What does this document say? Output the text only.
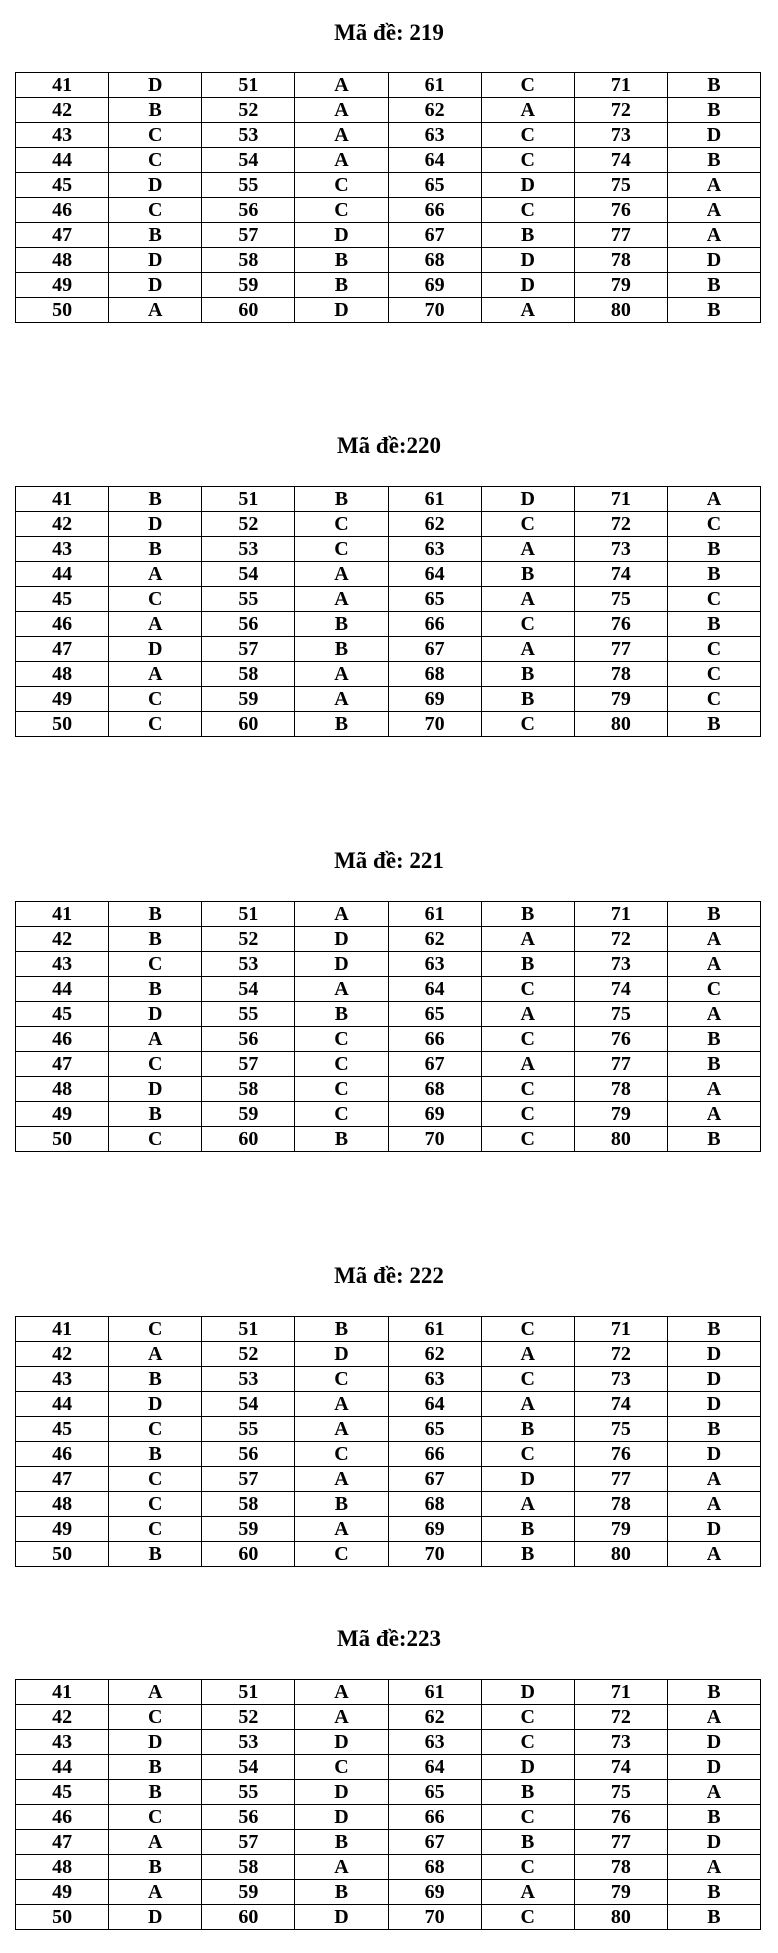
Mã đề: 219
41	D	51	A	61	C	71	B
42	B	52	A	62	A	72	B
43	C	53	A	63	C	73	D
44	C	54	A	64	C	74	B
45	D	55	C	65	D	75	A
46	C	56	C	66	C	76	A
47	B	57	D	67	B	77	A
48	D	58	B	68	D	78	D
49	D	59	B	69	D	79	B
50	A	60	D	70	A	80	B
Mã đề:220
41	B	51	B	61	D	71	A
42	D	52	C	62	C	72	C
43	B	53	C	63	A	73	B
44	A	54	A	64	B	74	B
45	C	55	A	65	A	75	C
46	A	56	B	66	C	76	B
47	D	57	B	67	A	77	C
48	A	58	A	68	B	78	C
49	C	59	A	69	B	79	C
50	C	60	B	70	C	80	B
Mã đề: 221
41	B	51	A	61	B	71	B
42	B	52	D	62	A	72	A
43	C	53	D	63	B	73	A
44	B	54	A	64	C	74	C
45	D	55	B	65	A	75	A
46	A	56	C	66	C	76	B
47	C	57	C	67	A	77	B
48	D	58	C	68	C	78	A
49	B	59	C	69	C	79	A
50	C	60	B	70	C	80	B
Mã đề: 222
41	C	51	B	61	C	71	B
42	A	52	D	62	A	72	D
43	B	53	C	63	C	73	D
44	D	54	A	64	A	74	D
45	C	55	A	65	B	75	B
46	B	56	C	66	C	76	D
47	C	57	A	67	D	77	A
48	C	58	B	68	A	78	A
49	C	59	A	69	B	79	D
50	B	60	C	70	B	80	A
Mã đề:223
41	A	51	A	61	D	71	B
42	C	52	A	62	C	72	A
43	D	53	D	63	C	73	D
44	B	54	C	64	D	74	D
45	B	55	D	65	B	75	A
46	C	56	D	66	C	76	B
47	A	57	B	67	B	77	D
48	B	58	A	68	C	78	A
49	A	59	B	69	A	79	B
50	D	60	D	70	C	80	B
